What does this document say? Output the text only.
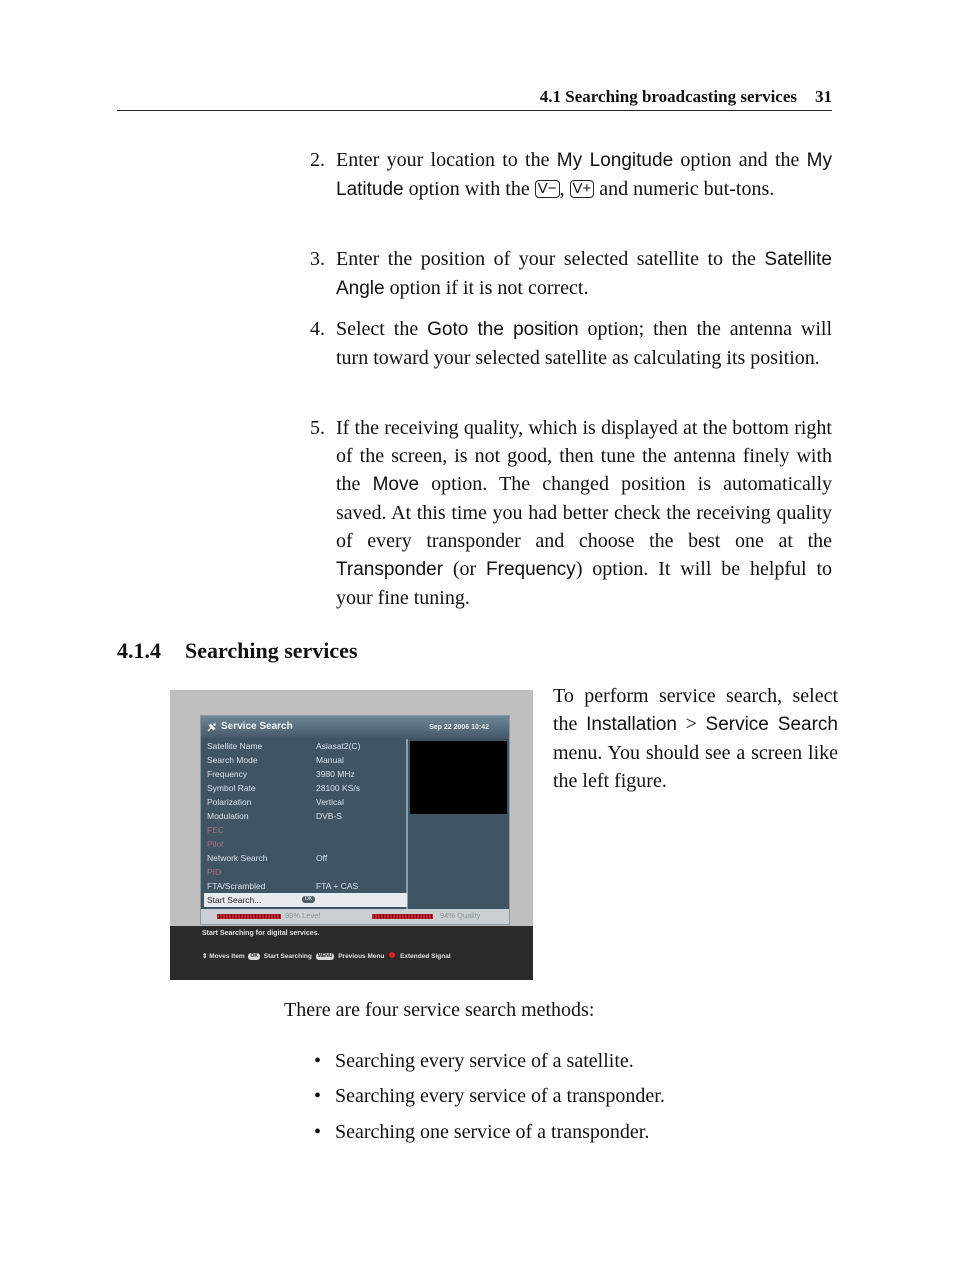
4.1 Searching broadcasting services 31
2. Enter your location to the My Longitude option and the My Latitude option with the V− , V+ and numeric but-tons.
3. Enter the position of your selected satellite to the Satellite Angle option if it is not correct.
4. Select the Goto the position option; then the antenna will turn toward your selected satellite as calculating its position.
5. If the receiving quality, which is displayed at the bottom right of the screen, is not good, then tune the antenna finely with the Move option. The changed position is automatically saved. At this time you had better check the receiving quality of every transponder and choose the best one at the Transponder (or Frequency) option. It will be helpful to your fine tuning.
4.1.4 Searching services
Service Search	Sep 22 2006 10:42
Satellite Name	Asiasat2(C)
Search Mode	Manual
Frequency	3980 MHz
Symbol Rate	28100 KS/s
Polarization	Vertical
Modulation	DVB-S
FEC
Pilot
Network Search	Off
PID
FTA/Scrambled	FTA + CAS
Start Search...	OK
99% Level	94% Quality
Start Searching for digital services.
⇕ Moves Item OK Start Searching MENU Previous Menu Extended Signal
To perform service search, select the Installation > Service Search menu. You should see a screen like the left figure.
There are four service search methods:
• Searching every service of a satellite.
• Searching every service of a transponder.
• Searching one service of a transponder.
